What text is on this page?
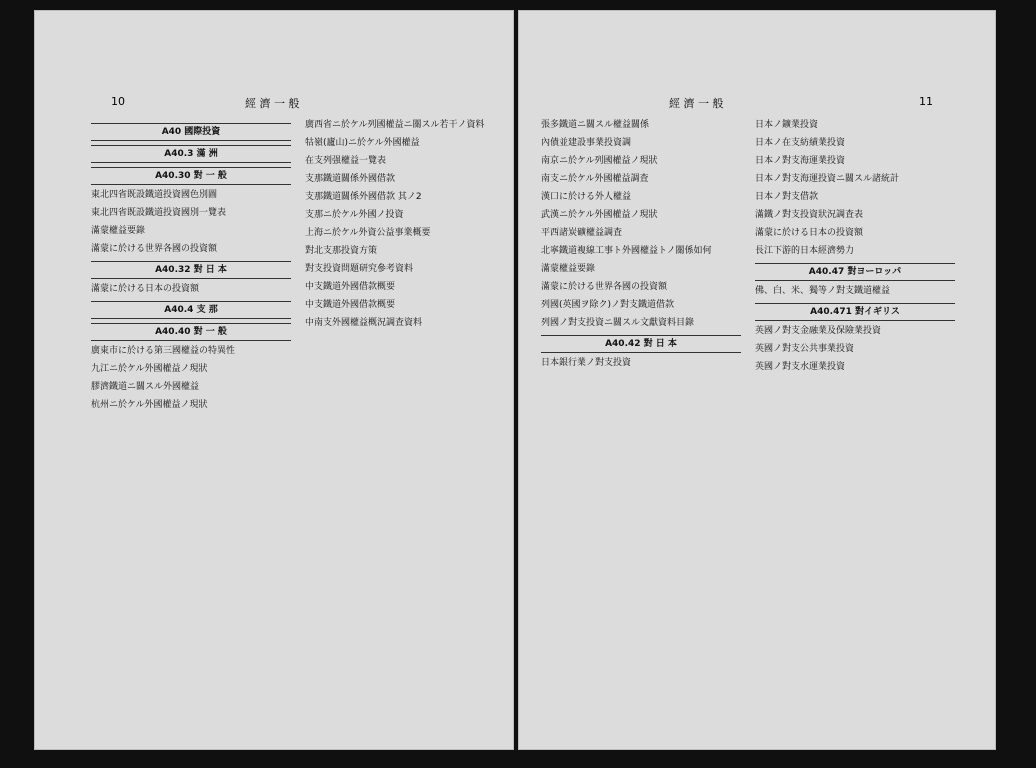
10	經 濟 一 般
A40 國際投資
A40.3 滿 洲
A40.30 對 一 般

東北四省既設鐵道投資國色別圖

東北四省既設鐵道投資國別一覽表

滿蒙權益要錄

滿蒙に於ける世界各國の投資額

A40.32 對 日 本

滿蒙に於ける日本の投資額

A40.4 支 那
A40.40 對 一 般

廣東市に於ける第三國權益の特異性

九江ニ於ケル外國權益ノ現狀

膠濟鐵道ニ關スル外國權益

杭州ニ於ケル外國權益ノ現狀

廣西省ニ於ケル列國權益ニ關スル若干ノ資料

牯嶺(廬山)ニ於ケル外國權益

在支列强權益一覽表

支那鐵道關係外國借款

支那鐵道關係外國借款 其ノ2

支那ニ於ケル外國ノ投資

上海ニ於ケル外資公益事業概要

對北支那投資方策

對支投資問題研究參考資料

中支鐵道外國借款概要

中支鐵道外國借款概要

中南支外國權益概況調査資料

11
經 濟 一 般

張多鐵道ニ關スル權益關係

內債並建設事業投資調

南京ニ於ケル列國權益ノ現狀

南支ニ於ケル外國權益調査

漢口に於ける外人權益

武漢ニ於ケル外國權益ノ現狀

平西諸炭礦權益調査

北寧鐵道複線工事ト外國權益トノ關係如何

滿蒙權益要錄

滿蒙に於ける世界各國の投資額

列國(英國ヲ除ク)ノ對支鐵道借款

列國ノ對支投資ニ關スル文獻資料目錄

A40.42 對 日 本

日本銀行業ノ對支投資

日本ノ鑛業投資

日本ノ在支紡績業投資

日本ノ對支海運業投資

日本ノ對支海運投資ニ關スル諸統計

日本ノ對支借款

滿鐵ノ對支投資狀況調査表

滿蒙に於ける日本の投資額

長江下游的日本經濟勢力

A40.47 對ヨーロッパ

佛、白、米、獨等ノ對支鐵道權益

A40.471 對イギリス

英國ノ對支金融業及保險業投資

英國ノ對支公共事業投資

英國ノ對支水運業投資
